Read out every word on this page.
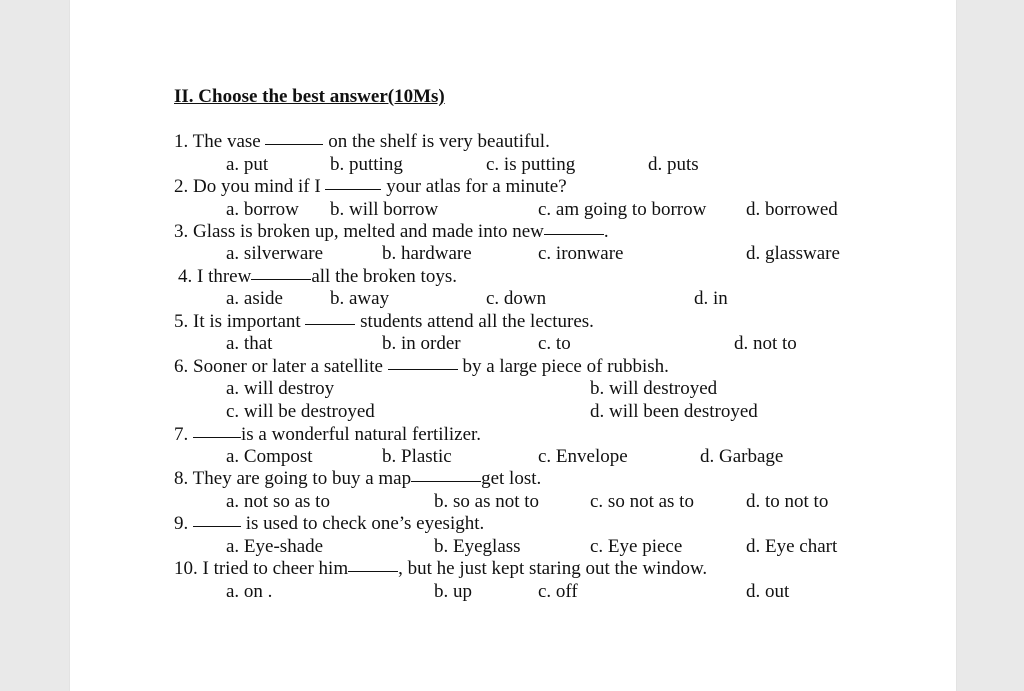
II. Choose the best answer(10Ms)
1. The vase	on the shelf is very beautiful.
a. put	b. putting	c. is putting	d. puts
2. Do you mind if I	your atlas for a minute?
a. borrow b. will borrow	c. am going to borrow d. borrowed
3. Glass is broken up, melted and made into new	.
a. silverware	b. hardware	c. ironware	d. glassware
4. I threw	all the broken toys.
a. aside b. away	c. down	d. in
5. It is important	students attend all the lectures.
a. that	b. in order	c. to	d. not to
6. Sooner or later a satellite	by a large piece of rubbish.
a. will destroy	b. will destroyed
c. will be destroyed	d. will been destroyed
7.	is a wonderful natural fertilizer.
a. Compost	b. Plastic	c. Envelope	d. Garbage
8. They are going to buy a map	get lost.
a. not so as to	b. so as not to	c. so not as to	d. to not to
9.	is used to check one’s eyesight.
a. Eye-shade	b. Eyeglass	c. Eye piece	d. Eye chart
10. I tried to cheer him	, but he just kept staring out the window.
a. on .	b. up	c. off	d. out
